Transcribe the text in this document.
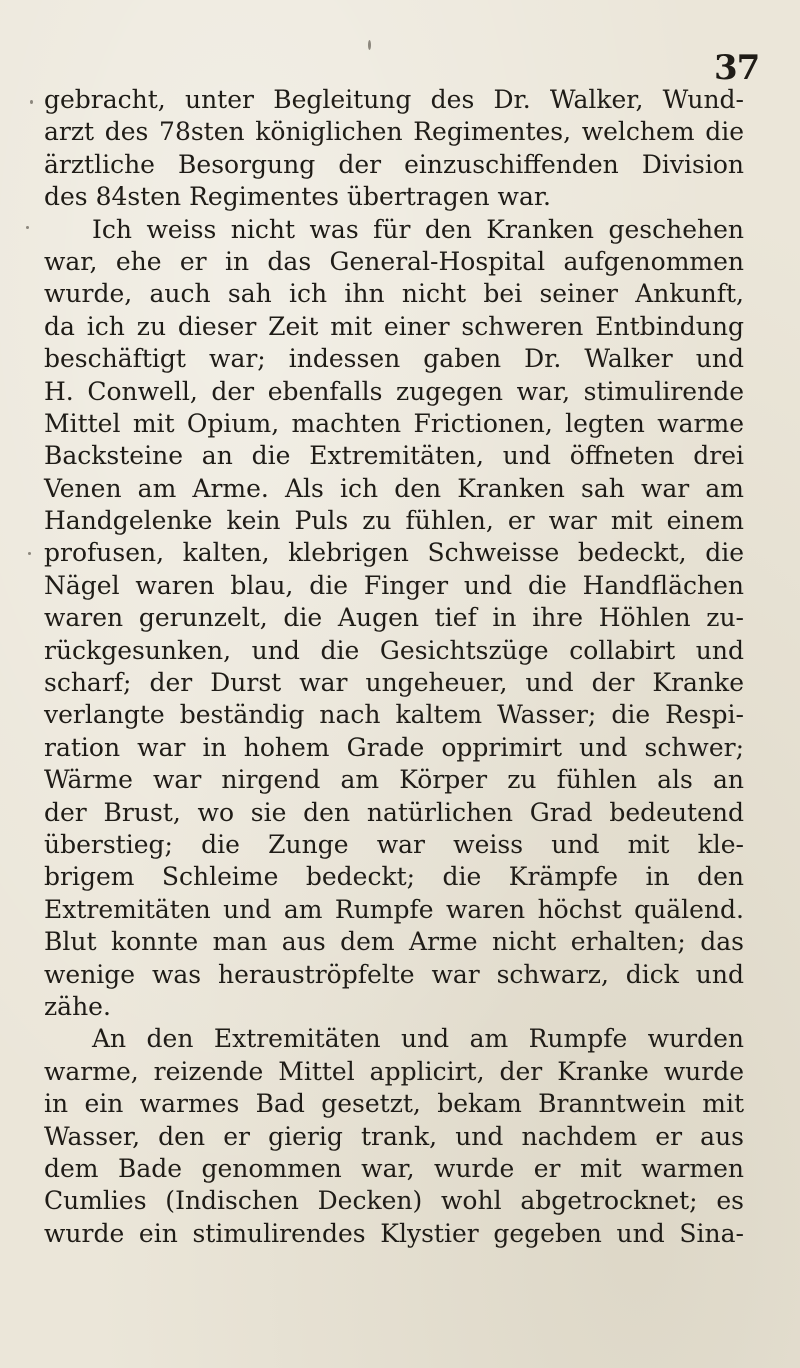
37
gebracht, unter Begleitung des Dr. Walker, Wund-
arzt des 78sten königlichen Regimentes, welchem die
ärztliche Besorgung der einzuschiffenden Division
des 84sten Regimentes übertragen war.
Ich weiss nicht was für den Kranken geschehen
war, ehe er in das General-Hospital aufgenommen
wurde, auch sah ich ihn nicht bei seiner Ankunft,
da ich zu dieser Zeit mit einer schweren Entbindung
beschäftigt war; indessen gaben Dr. Walker und
H. Conwell, der ebenfalls zugegen war, stimulirende
Mittel mit Opium, machten Frictionen, legten warme
Backsteine an die Extremitäten, und öffneten drei
Venen am Arme. Als ich den Kranken sah war am
Handgelenke kein Puls zu fühlen, er war mit einem
profusen, kalten, klebrigen Schweisse bedeckt, die
Nägel waren blau, die Finger und die Handflächen
waren gerunzelt, die Augen tief in ihre Höhlen zu-
rückgesunken, und die Gesichtszüge collabirt und
scharf; der Durst war ungeheuer, und der Kranke
verlangte beständig nach kaltem Wasser; die Respi-
ration war in hohem Grade opprimirt und schwer;
Wärme war nirgend am Körper zu fühlen als an
der Brust, wo sie den natürlichen Grad bedeutend
überstieg; die Zunge war weiss und mit kle-
brigem Schleime bedeckt; die Krämpfe in den
Extremitäten und am Rumpfe waren höchst quälend.
Blut konnte man aus dem Arme nicht erhalten; das
wenige was herauströpfelte war schwarz, dick und
zähe.
An den Extremitäten und am Rumpfe wurden
warme, reizende Mittel applicirt, der Kranke wurde
in ein warmes Bad gesetzt, bekam Branntwein mit
Wasser, den er gierig trank, und nachdem er aus
dem Bade genommen war, wurde er mit warmen
Cumlies (Indischen Decken) wohl abgetrocknet; es
wurde ein stimulirendes Klystier gegeben und Sina-
